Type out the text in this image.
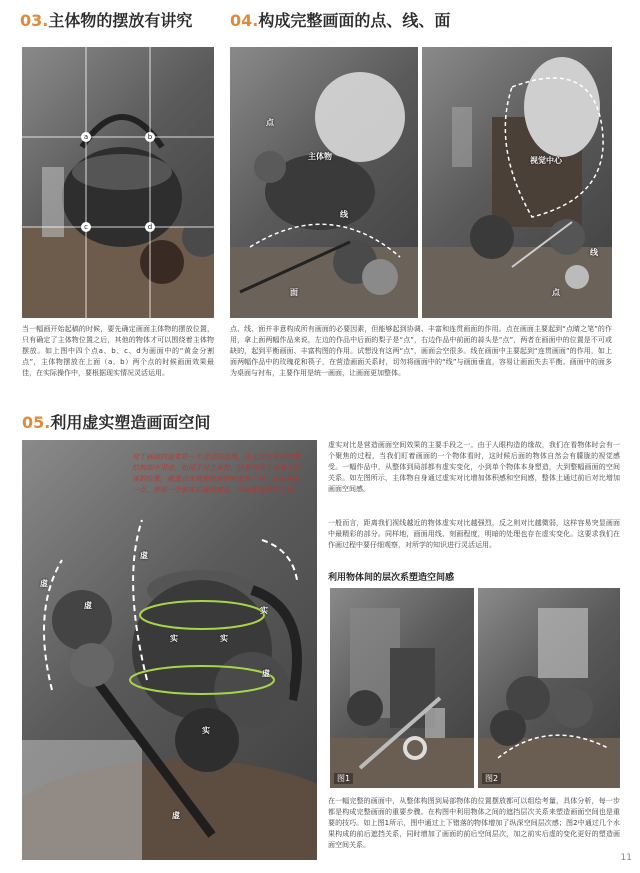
03.主体物的摆放有讲究
a	b
c	d
当一幅画开始起稿的时候，要先确定画面主体物的摆放位置，只有确定了主体物位置之后，其他的物体才可以围绕着主体物摆放。如上图中四个点a、b、c、d为画面中的“黄金分割点”，主体物摆放在上面（a、b）两个点的时候画面效果最佳，在实际操作中，要根据现实情况灵活运用。
04.构成完整画面的点、线、面
主体物
点
线
面
视觉中心
线
点
点、线、面并非意构成所有画面的必要因素，但能够起到协调、丰富和连贯画面的作用。点在画面主要起到“点睛之笔”的作用，拿上面两幅作品来说，左边的作品中后面的梨子是“点”，右边作品中前面的蒜头是“点”，两者在画面中的位置是不可或缺的，起到平衡画面、丰富构图的作用。试想没有这两“点”，画面会空很多。线在画面中主要起到“连贯画面”的作用，如上面两幅作品中的玫瑰花和筷子，在营造画面关系时，切勿将画面中的“线”与画面垂直，容易让画面失去平衡。画面中的面多为桌面与衬布，主要作用是统一画面，让画面更加整体。
05.利用虚实塑造画面空间
对于画面的虚实是一个灵活的处理，而无形与是有形的结构却不用动，如同于对主体物，注意观察先就要在物体的位置，就重点在观察物体的对象实一些，后面重要一点，形成一个前实后虚的感觉，从而塑造体积关系。
实	实
实
实
虚
虚
虚
虚
虚
虚实对比是营造画面空间效果的主要手段之一。由于人眼构造的缘故，我们在看物体时会有一个聚焦的过程，当我们盯着画面的一个物体看时，这时候后面的物体自然会有朦胧的视觉感受。一幅作品中，从整体到局部都有虚实变化，小到单个物体本身塑造，大到整幅画面的空间关系。如左图所示，主体物自身通过虚实对比增加体积感和空间感，整体上通过前后对比增加画面空间感。
一般而言，距离我们视线越近的物体虚实对比越强烈，反之则对比越微弱，这样容易突显画面中最精彩的部分。同样地，画面用线、刻画程度，明暗的处理也存在虚实变化。这要求我们在作画过程中要仔细观察，对所学的知识进行灵活运用。
利用物体间的层次系塑造空间感
图1	图2
在一幅完整的画面中，从整体构图到局部物体的位置摆放都可以组绘考量，具体分析，每一步都是构成完整画面的重要步骤。在构图中利用物体之间的遮挡层次关系来塑造画面空间也是重要的技巧。如上图1所示，图中通过上下错落的物体增加了纵深空间层次感；图2中通过几个水果构成的前后遮挡关系，同时增加了画面的前后空间层次，加之前实后虚的变化更好的塑造画面空间关系。
11
